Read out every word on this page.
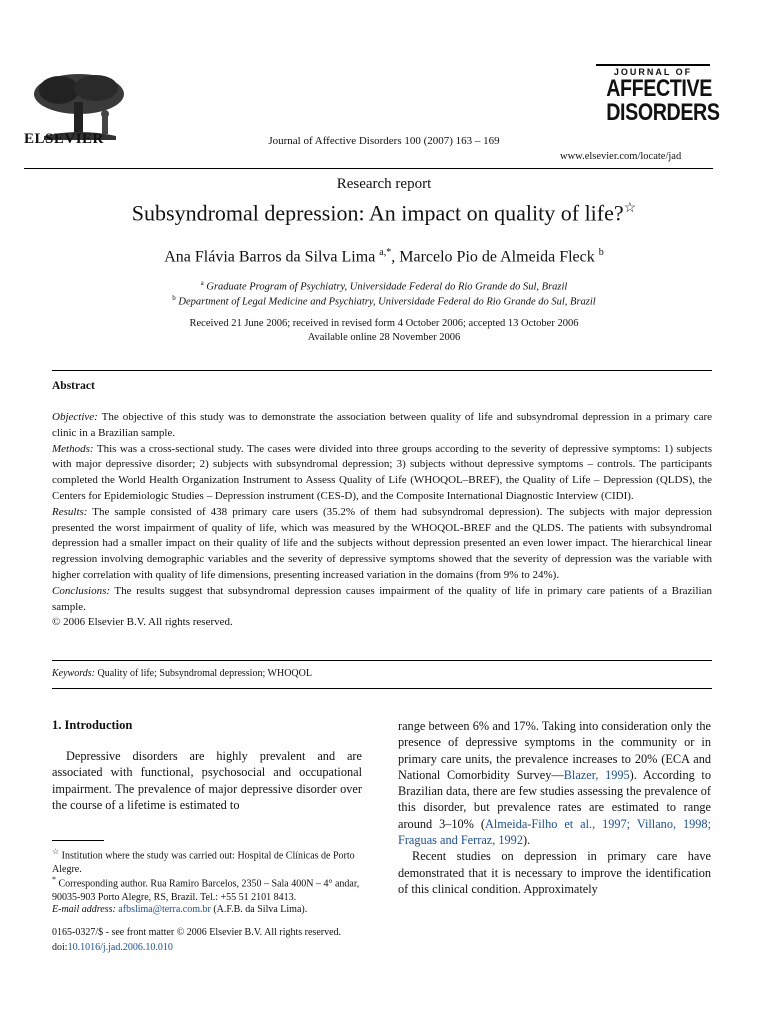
ELSEVIER	Journal of Affective Disorders 100 (2007) 163 – 169
JOURNAL OF
AFFECTIVE
DISORDERS
www.elsevier.com/locate/jad
Research report
Subsyndromal depression: An impact on quality of life?☆
Ana Flávia Barros da Silva Lima $^{a,*}$, Marcelo Pio de Almeida Fleck $^b$
$^a$ Graduate Program of Psychiatry, Universidade Federal do Rio Grande do Sul, Brazil
$^b$ Department of Legal Medicine and Psychiatry, Universidade Federal do Rio Grande do Sul, Brazil
Received 21 June 2006; received in revised form 4 October 2006; accepted 13 October 2006
Available online 28 November 2006
Abstract

Objective: The objective of this study was to demonstrate the association between quality of life and subsyndromal depression in a primary care clinic in a Brazilian sample.

Methods: This was a cross-sectional study. The cases were divided into three groups according to the severity of depressive symptoms: 1) subjects with major depressive disorder; 2) subjects with subsyndromal depression; 3) subjects without depressive symptoms – controls. The participants completed the World Health Organization Instrument to Assess Quality of Life (WHOQOL–BREF), the Quality of Life – Depression (QLDS), the Centers for Epidemiologic Studies – Depression instrument (CES-D), and the Composite International Diagnostic Interview (CIDI).

Results: The sample consisted of 438 primary care users (35.2% of them had subsyndromal depression). The subjects with major depression presented the worst impairment of quality of life, which was measured by the WHOQOL-BREF and the QLDS. The patients with subsyndromal depression had a smaller impact on their quality of life and the subjects without depression presented an even lower impact. The hierarchical linear regression involving demographic variables and the severity of depressive symptoms showed that the severity of depression was the variable with higher correlation with quality of life dimensions, presenting increased variation in the domains (from 9% to 24%).

Conclusions: The results suggest that subsyndromal depression causes impairment of the quality of life in primary care patients of a Brazilian sample.

© 2006 Elsevier B.V. All rights reserved.

Keywords: Quality of life; Subsyndromal depression; WHOQOL
1. Introduction

Depressive disorders are highly prevalent and are associated with functional, psychosocial and occupational impairment. The prevalence of major depressive disorder over the course of a lifetime is estimated to

range between 6% and 17%. Taking into consideration only the presence of depressive symptoms in the community or in primary care units, the prevalence increases to 20% (ECA and National Comorbidity Survey—Blazer, 1995). According to Brazilian data, there are few studies assessing the prevalence of this disorder, but prevalence rates are estimated to range around 3–10% (Almeida-Filho et al., 1997; Villano, 1998; Fraguas and Ferraz, 1992).

Recent studies on depression in primary care have demonstrated that it is necessary to improve the identification of this clinical condition. Approximately

☆ Institution where the study was carried out: Hospital de Clínicas de Porto Alegre.
* Corresponding author. Rua Ramiro Barcelos, 2350 – Sala 400N – 4° andar, 90035-903 Porto Alegre, RS, Brazil. Tel.: +55 51 2101 8413.
E-mail address: afbslima@terra.com.br (A.F.B. da Silva Lima).
0165-0327/$ - see front matter © 2006 Elsevier B.V. All rights reserved.
doi:10.1016/j.jad.2006.10.010
